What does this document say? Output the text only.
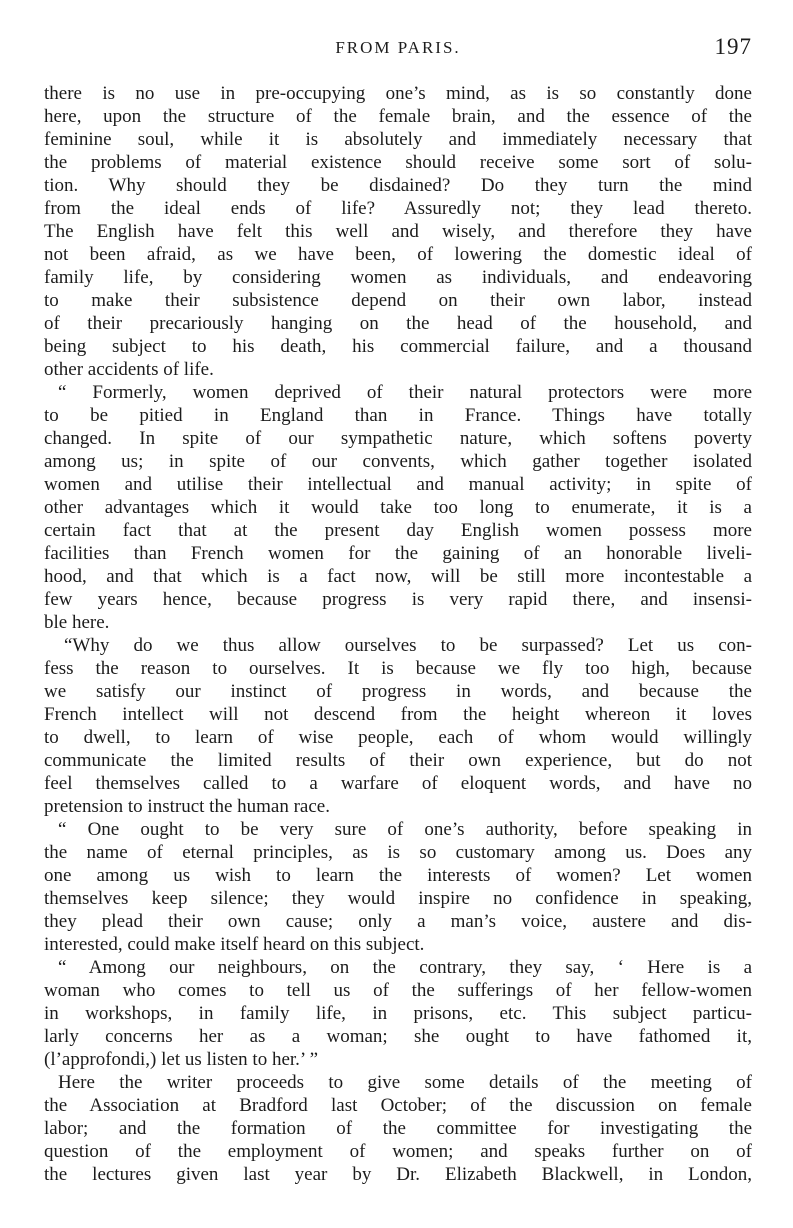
FROM PARIS.	197
there is no use in pre-occupying one’s mind, as is so constantly done
here, upon the structure of the female brain, and the essence of the
feminine soul, while it is absolutely and immediately necessary that
the problems of material existence should receive some sort of solu-
tion. Why should they be disdained? Do they turn the mind
from the ideal ends of life? Assuredly not; they lead thereto.
The English have felt this well and wisely, and therefore they have
not been afraid, as we have been, of lowering the domestic ideal of
family life, by considering women as individuals, and endeavoring
to make their subsistence depend on their own labor, instead
of their precariously hanging on the head of the household, and
being subject to his death, his commercial failure, and a thousand
other accidents of life.
“ Formerly, women deprived of their natural protectors were more
to be pitied in England than in France. Things have totally
changed. In spite of our sympathetic nature, which softens poverty
among us; in spite of our convents, which gather together isolated
women and utilise their intellectual and manual activity; in spite of
other advantages which it would take too long to enumerate, it is a
certain fact that at the present day English women possess more
facilities than French women for the gaining of an honorable liveli-
hood, and that which is a fact now, will be still more incontestable a
few years hence, because progress is very rapid there, and insensi-
ble here.
“Why do we thus allow ourselves to be surpassed? Let us con-
fess the reason to ourselves. It is because we fly too high, because
we satisfy our instinct of progress in words, and because the
French intellect will not descend from the height whereon it loves
to dwell, to learn of wise people, each of whom would willingly
communicate the limited results of their own experience, but do not
feel themselves called to a warfare of eloquent words, and have no
pretension to instruct the human race.
“ One ought to be very sure of one’s authority, before speaking in
the name of eternal principles, as is so customary among us. Does any
one among us wish to learn the interests of women? Let women
themselves keep silence; they would inspire no confidence in speaking,
they plead their own cause; only a man’s voice, austere and dis-
interested, could make itself heard on this subject.
“ Among our neighbours, on the contrary, they say, ‘ Here is a
woman who comes to tell us of the sufferings of her fellow-women
in workshops, in family life, in prisons, etc. This subject particu-
larly concerns her as a woman; she ought to have fathomed it,
(l’approfondi,) let us listen to her.’ ”
Here the writer proceeds to give some details of the meeting of
the Association at Bradford last October; of the discussion on female
labor; and the formation of the committee for investigating the
question of the employment of women; and speaks further on of
the lectures given last year by Dr. Elizabeth Blackwell, in London,
